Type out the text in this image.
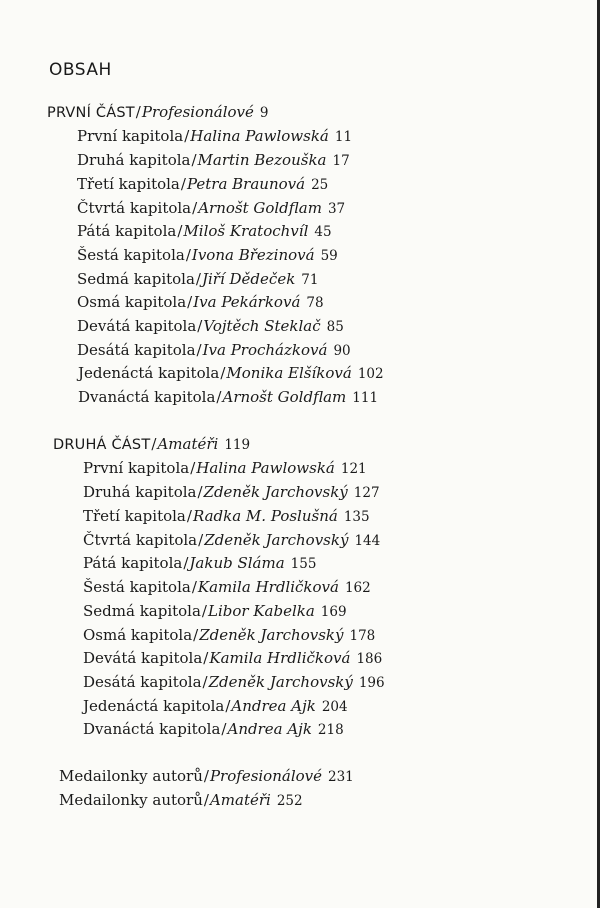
OBSAH
PRVNÍ ČÁST/Profesionálové 9
První kapitola/Halina Pawlowská 11
Druhá kapitola/Martin Bezouška 17
Třetí kapitola/Petra Braunová 25
Čtvrtá kapitola/Arnošt Goldflam 37
Pátá kapitola/Miloš Kratochvíl 45
Šestá kapitola/Ivona Březinová 59
Sedmá kapitola/Jiří Dědeček 71
Osmá kapitola/Iva Pekárková 78
Devátá kapitola/Vojtěch Steklač 85
Desátá kapitola/Iva Procházková 90
Jedenáctá kapitola/Monika Elšíková 102
Dvanáctá kapitola/Arnošt Goldflam 111
DRUHÁ ČÁST/Amatéři 119
První kapitola/Halina Pawlowská 121
Druhá kapitola/Zdeněk Jarchovský 127
Třetí kapitola/Radka M. Poslušná 135
Čtvrtá kapitola/Zdeněk Jarchovský 144
Pátá kapitola/Jakub Sláma 155
Šestá kapitola/Kamila Hrdličková 162
Sedmá kapitola/Libor Kabelka 169
Osmá kapitola/Zdeněk Jarchovský 178
Devátá kapitola/Kamila Hrdličková 186
Desátá kapitola/Zdeněk Jarchovský 196
Jedenáctá kapitola/Andrea Ajk 204
Dvanáctá kapitola/Andrea Ajk 218
Medailonky autorů/Profesionálové 231
Medailonky autorů/Amatéři 252
